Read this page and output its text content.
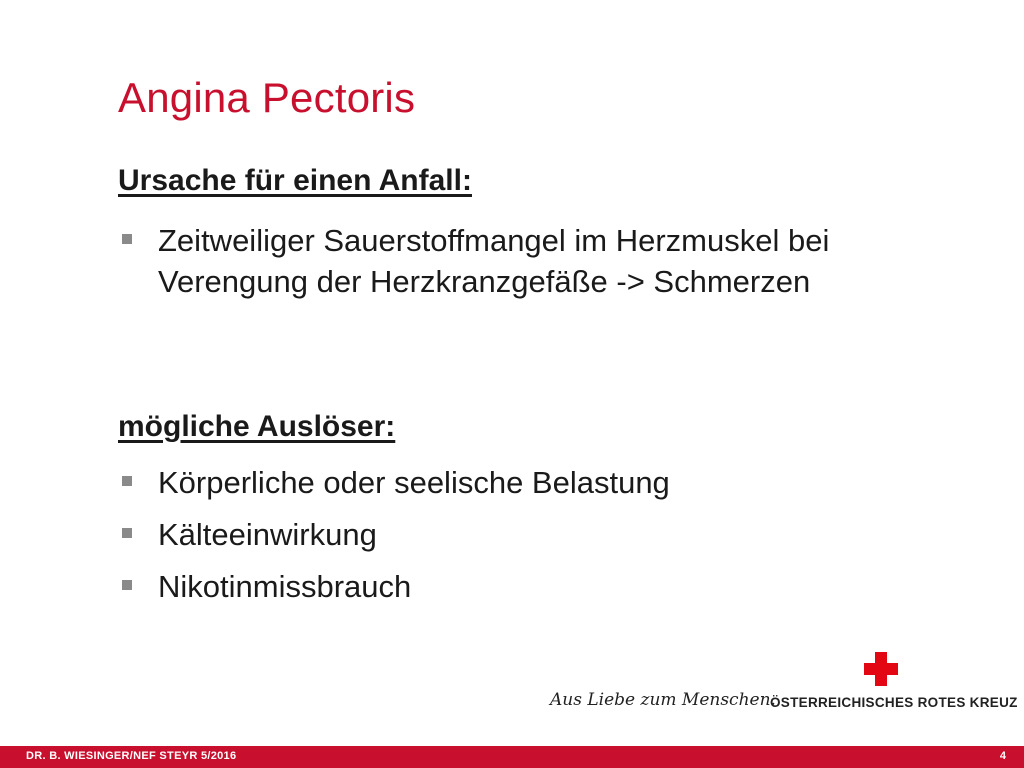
Angina Pectoris
Ursache für einen Anfall:
Zeitweiliger Sauerstoffmangel im Herzmuskel bei Verengung der Herzkranzgefäße -> Schmerzen
mögliche Auslöser:
Körperliche oder seelische Belastung
Kälteeinwirkung
Nikotinmissbrauch
Aus Liebe zum Menschen.
ÖSTERREICHISCHES ROTES KREUZ
DR. B. WIESINGER/NEF STEYR 5/2016	4
